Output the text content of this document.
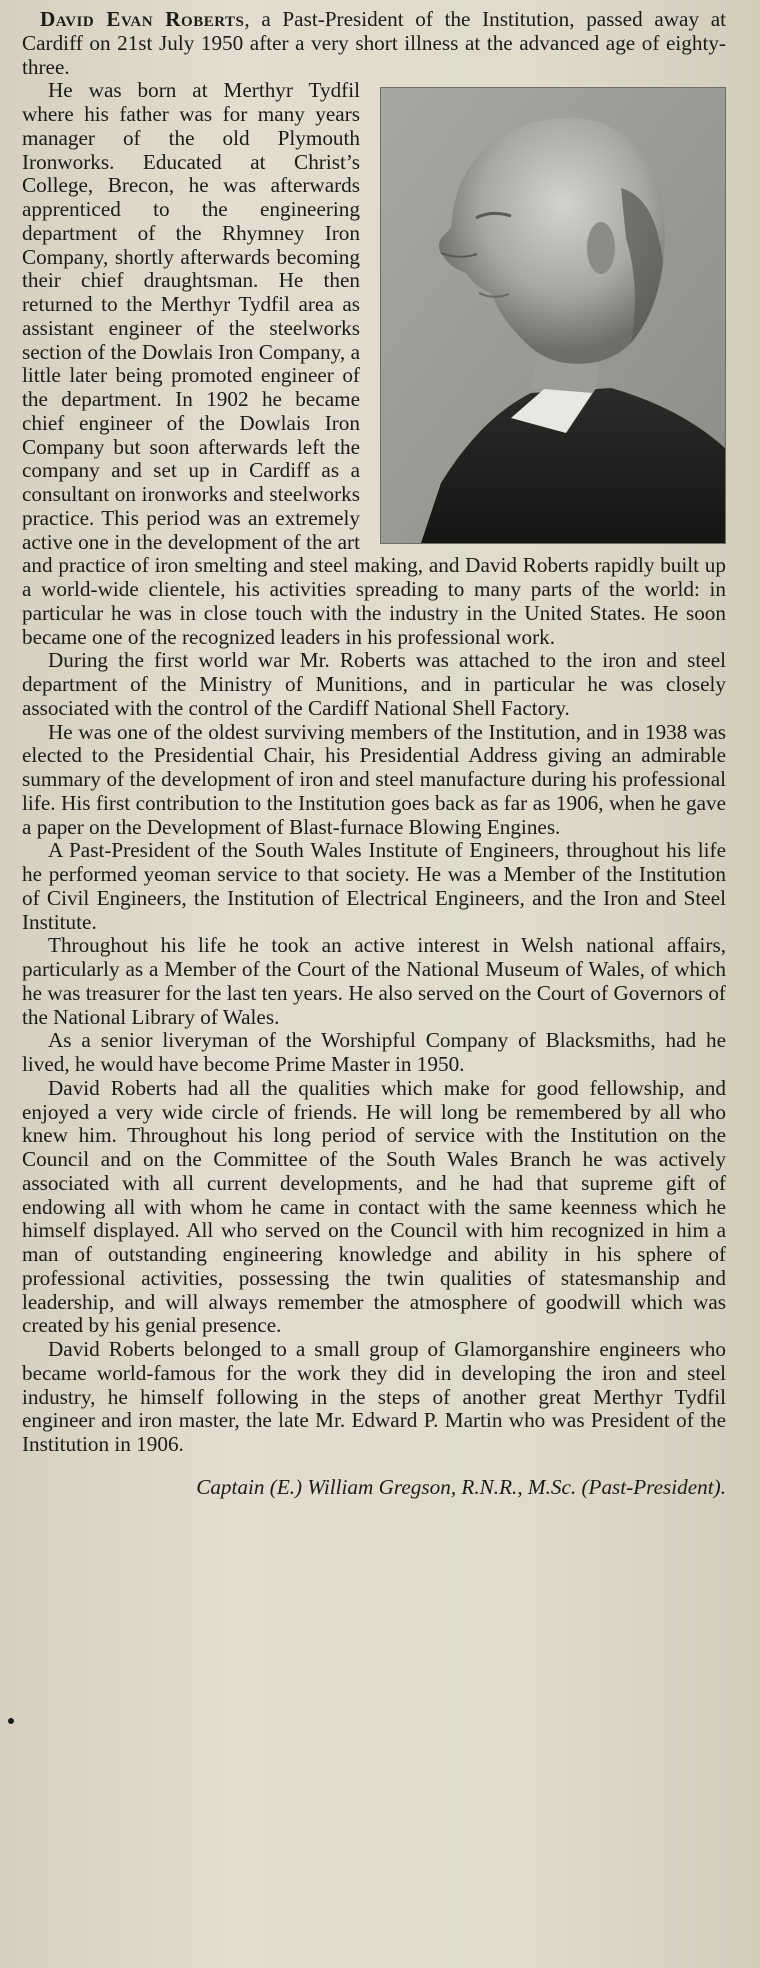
David Evan Roberts, a Past-President of the Institution, passed away at Cardiff on 21st July 1950 after a very short illness at the advanced age of eighty-three.

He was born at Merthyr Tydfil where his father was for many years manager of the old Plymouth Ironworks. Educated at Christ’s College, Brecon, he was afterwards apprenticed to the engineering department of the Rhymney Iron Company, shortly afterwards becoming their chief draughtsman. He then returned to the Merthyr Tydfil area as assistant engineer of the steelworks section of the Dowlais Iron Company, a little later being promoted engineer of the department. In 1902 he became chief engineer of the Dowlais Iron Company but soon afterwards left the company and set up in Cardiff as a consultant on ironworks and steelworks practice. This period was an extremely active one in the development of the art and practice of iron smelting and steel making, and David Roberts rapidly built up a world-wide clientele, his activities spreading to many parts of the world: in particular he was in close touch with the industry in the United States. He soon became one of the recognized leaders in his professional work.

During the first world war Mr. Roberts was attached to the iron and steel department of the Ministry of Munitions, and in particular he was closely associated with the control of the Cardiff National Shell Factory.

He was one of the oldest surviving members of the Institution, and in 1938 was elected to the Presidential Chair, his Presidential Address giving an admirable summary of the development of iron and steel manufacture during his professional life. His first contribution to the Institution goes back as far as 1906, when he gave a paper on the Development of Blast-furnace Blowing Engines.

A Past-President of the South Wales Institute of Engineers, throughout his life he performed yeoman service to that society. He was a Member of the Institution of Civil Engineers, the Institution of Electrical Engineers, and the Iron and Steel Institute.

Throughout his life he took an active interest in Welsh national affairs, particularly as a Member of the Court of the National Museum of Wales, of which he was treasurer for the last ten years. He also served on the Court of Governors of the National Library of Wales.

As a senior liveryman of the Worshipful Company of Blacksmiths, had he lived, he would have become Prime Master in 1950.

David Roberts had all the qualities which make for good fellowship, and enjoyed a very wide circle of friends. He will long be remembered by all who knew him. Throughout his long period of service with the Institution on the Council and on the Committee of the South Wales Branch he was actively associated with all current developments, and he had that supreme gift of endowing all with whom he came in contact with the same keenness which he himself displayed. All who served on the Council with him recognized in him a man of outstanding engineering knowledge and ability in his sphere of professional activities, possessing the twin qualities of statesmanship and leadership, and will always remember the atmosphere of goodwill which was created by his genial presence.

David Roberts belonged to a small group of Glamorganshire engineers who became world-famous for the work they did in developing the iron and steel industry, he himself following in the steps of another great Merthyr Tydfil engineer and iron master, the late Mr. Edward P. Martin who was President of the Institution in 1906.

Captain (E.) William Gregson, R.N.R., M.Sc. (Past-President).
